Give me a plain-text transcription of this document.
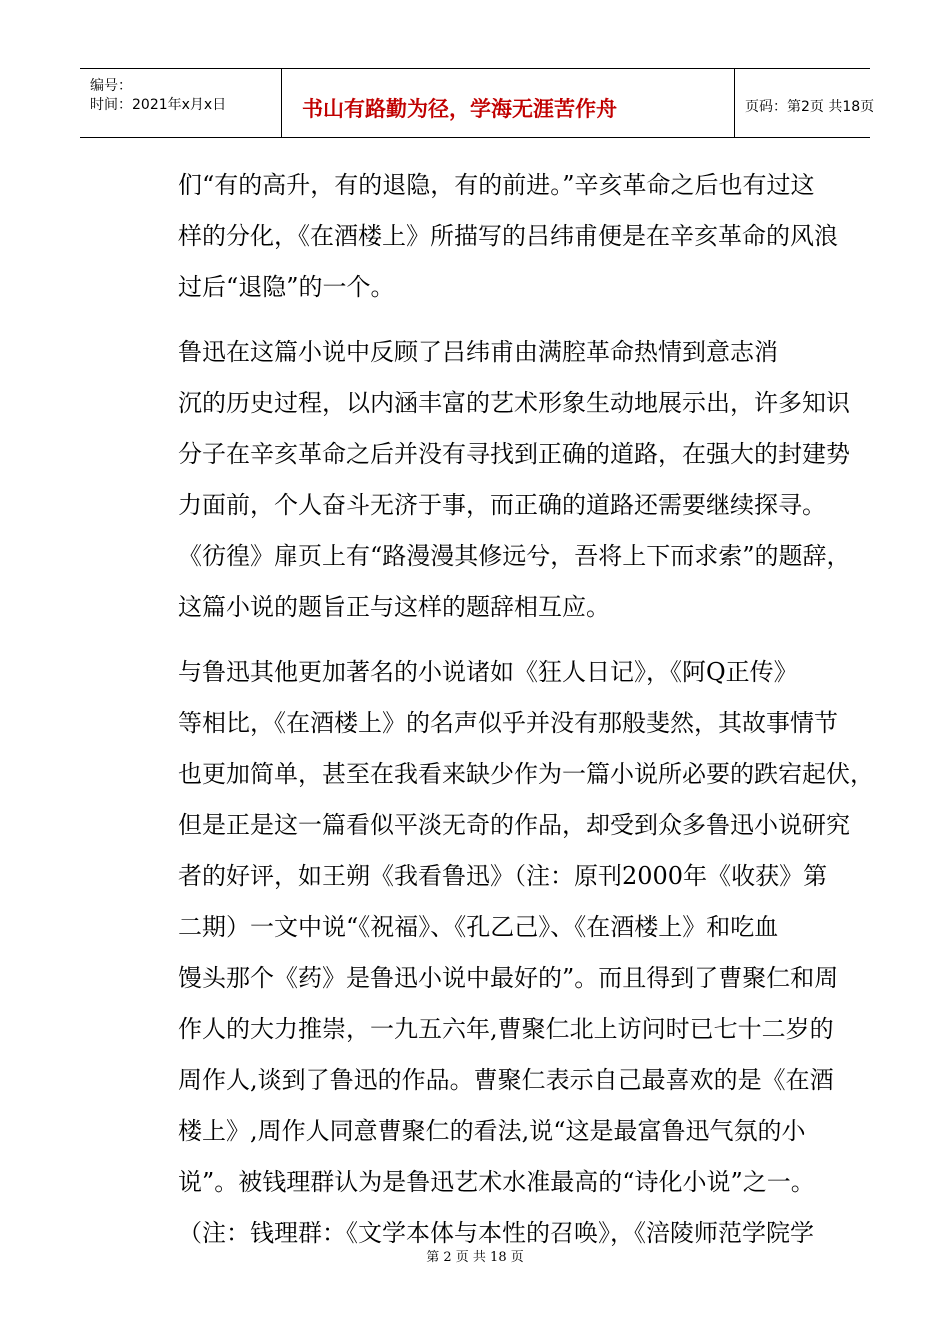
编号：
时间：2021年x月x日	书山有路勤为径，学海无涯苦作舟	页码：第2页 共18页
们“有的高升，有的退隐，有的前进。”辛亥革命之后也有过这
样的分化，《在酒楼上》所描写的吕纬甫便是在辛亥革命的风浪
过后“退隐”的一个。
鲁迅在这篇小说中反顾了吕纬甫由满腔革命热情到意志消
沉的历史过程，以内涵丰富的艺术形象生动地展示出，许多知识
分子在辛亥革命之后并没有寻找到正确的道路，在强大的封建势
力面前，个人奋斗无济于事，而正确的道路还需要继续探寻。
《彷徨》扉页上有“路漫漫其修远兮，吾将上下而求索”的题辞，
这篇小说的题旨正与这样的题辞相互应。
与鲁迅其他更加著名的小说诸如《狂人日记》，《阿Q正传》
等相比，《在酒楼上》的名声似乎并没有那般斐然，其故事情节
也更加简单，甚至在我看来缺少作为一篇小说所必要的跌宕起伏，
但是正是这一篇看似平淡无奇的作品，却受到众多鲁迅小说研究
者的好评，如王朔《我看鲁迅》（注：原刊2000年《收获》第
二期）一文中说“《祝福》、《孔乙己》、《在酒楼上》和吃血
馒头那个《药》是鲁迅小说中最好的”。而且得到了曹聚仁和周
作人的大力推崇，一九五六年,曹聚仁北上访问时已七十二岁的
周作人,谈到了鲁迅的作品。曹聚仁表示自己最喜欢的是《在酒
楼上》,周作人同意曹聚仁的看法,说“这是最富鲁迅气氛的小
说”。被钱理群认为是鲁迅艺术水准最高的“诗化小说”之一。
（注：钱理群：《文学本体与本性的召唤》，《涪陵师范学院学
第 2 页 共 18 页
